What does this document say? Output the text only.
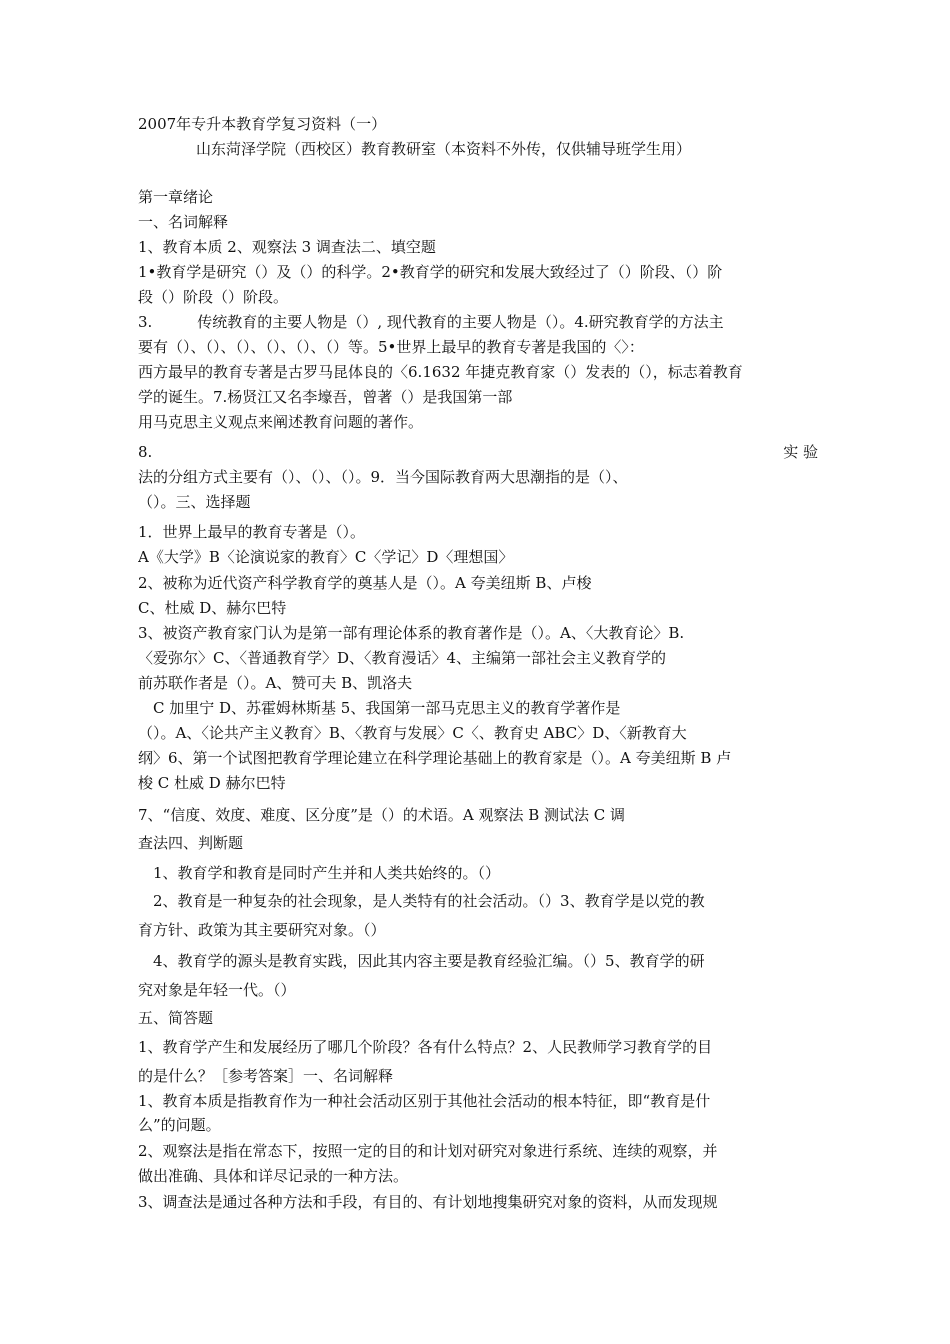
2007年专升本教育学复习资料（一）
山东菏泽学院（西校区）教育教研室（本资料不外传，仅供辅导班学生用）
第一章绪论
一、名词解释
1、教育本质 2、观察法 3 调查法二、填空题
1•教育学是研究（）及（）的科学。2•教育学的研究和发展大致经过了（）阶段、（）阶
段（）阶段（）阶段。
3.　　　传统教育的主要人物是（）, 现代教育的主要人物是（）。4.研究教育学的方法主
要有（）、（）、（）、（）、（）、（）等。5•世界上最早的教育专著是我国的〈〉：
西方最早的教育专著是古罗马昆体良的〈6.1632 年捷克教育家（）发表的（），标志着教育
学的诞生。7.杨贤江又名李壕吾，曾著（）是我国第一部
用马克思主义观点来阐述教育问题的著作。
8.	实 验
法的分组方式主要有（）、（）、（）。9．当今国际教育两大思潮指的是（）、
（）。三、选择题
1．世界上最早的教育专著是（）。
A《大学》B〈论演说家的教育〉C〈学记〉D〈理想国〉
2、被称为近代资产科学教育学的奠基人是（）。A 夸美纽斯 B、卢梭
C、杜威 D、赫尔巴特
3、被资产教育家门认为是第一部有理论体系的教育著作是（）。A、〈大教育论〉B.
〈爱弥尔〉C、〈普通教育学〉D、〈教育漫话〉4、主编第一部社会主义教育学的
前苏联作者是（）。A、赞可夫 B、凯洛夫
　C 加里宁 D、苏霍姆林斯基 5、我国第一部马克思主义的教育学著作是
（）。A、〈论共产主义教育〉B、〈教育与发展〉C〈、教育史 ABC〉D、〈新教育大
纲〉6、第一个试图把教育学理论建立在科学理论基础上的教育家是（）。A 夸美纽斯 B 卢
梭 C 杜威 D 赫尔巴特
7、“信度、效度、难度、区分度”是（）的术语。A 观察法 B 测试法 C 调
查法四、判断题
　1、教育学和教育是同时产生并和人类共始终的。（）
　2、教育是一种复杂的社会现象，是人类特有的社会活动。（）3、教育学是以党的教
育方针、政策为其主要研究对象。（）
　4、教育学的源头是教育实践，因此其内容主要是教育经验汇编。（）5、教育学的研
究对象是年轻一代。（）
五、简答题
1、教育学产生和发展经历了哪几个阶段？各有什么特点？2、人民教师学习教育学的目
的是什么？［参考答案］一、名词解释
1、教育本质是指教育作为一种社会活动区别于其他社会活动的根本特征，即“教育是什
么”的问题。
2、观察法是指在常态下，按照一定的目的和计划对研究对象进行系统、连续的观察，并
做出准确、具体和详尽记录的一种方法。
3、调查法是通过各种方法和手段，有目的、有计划地搜集研究对象的资料，从而发现规
